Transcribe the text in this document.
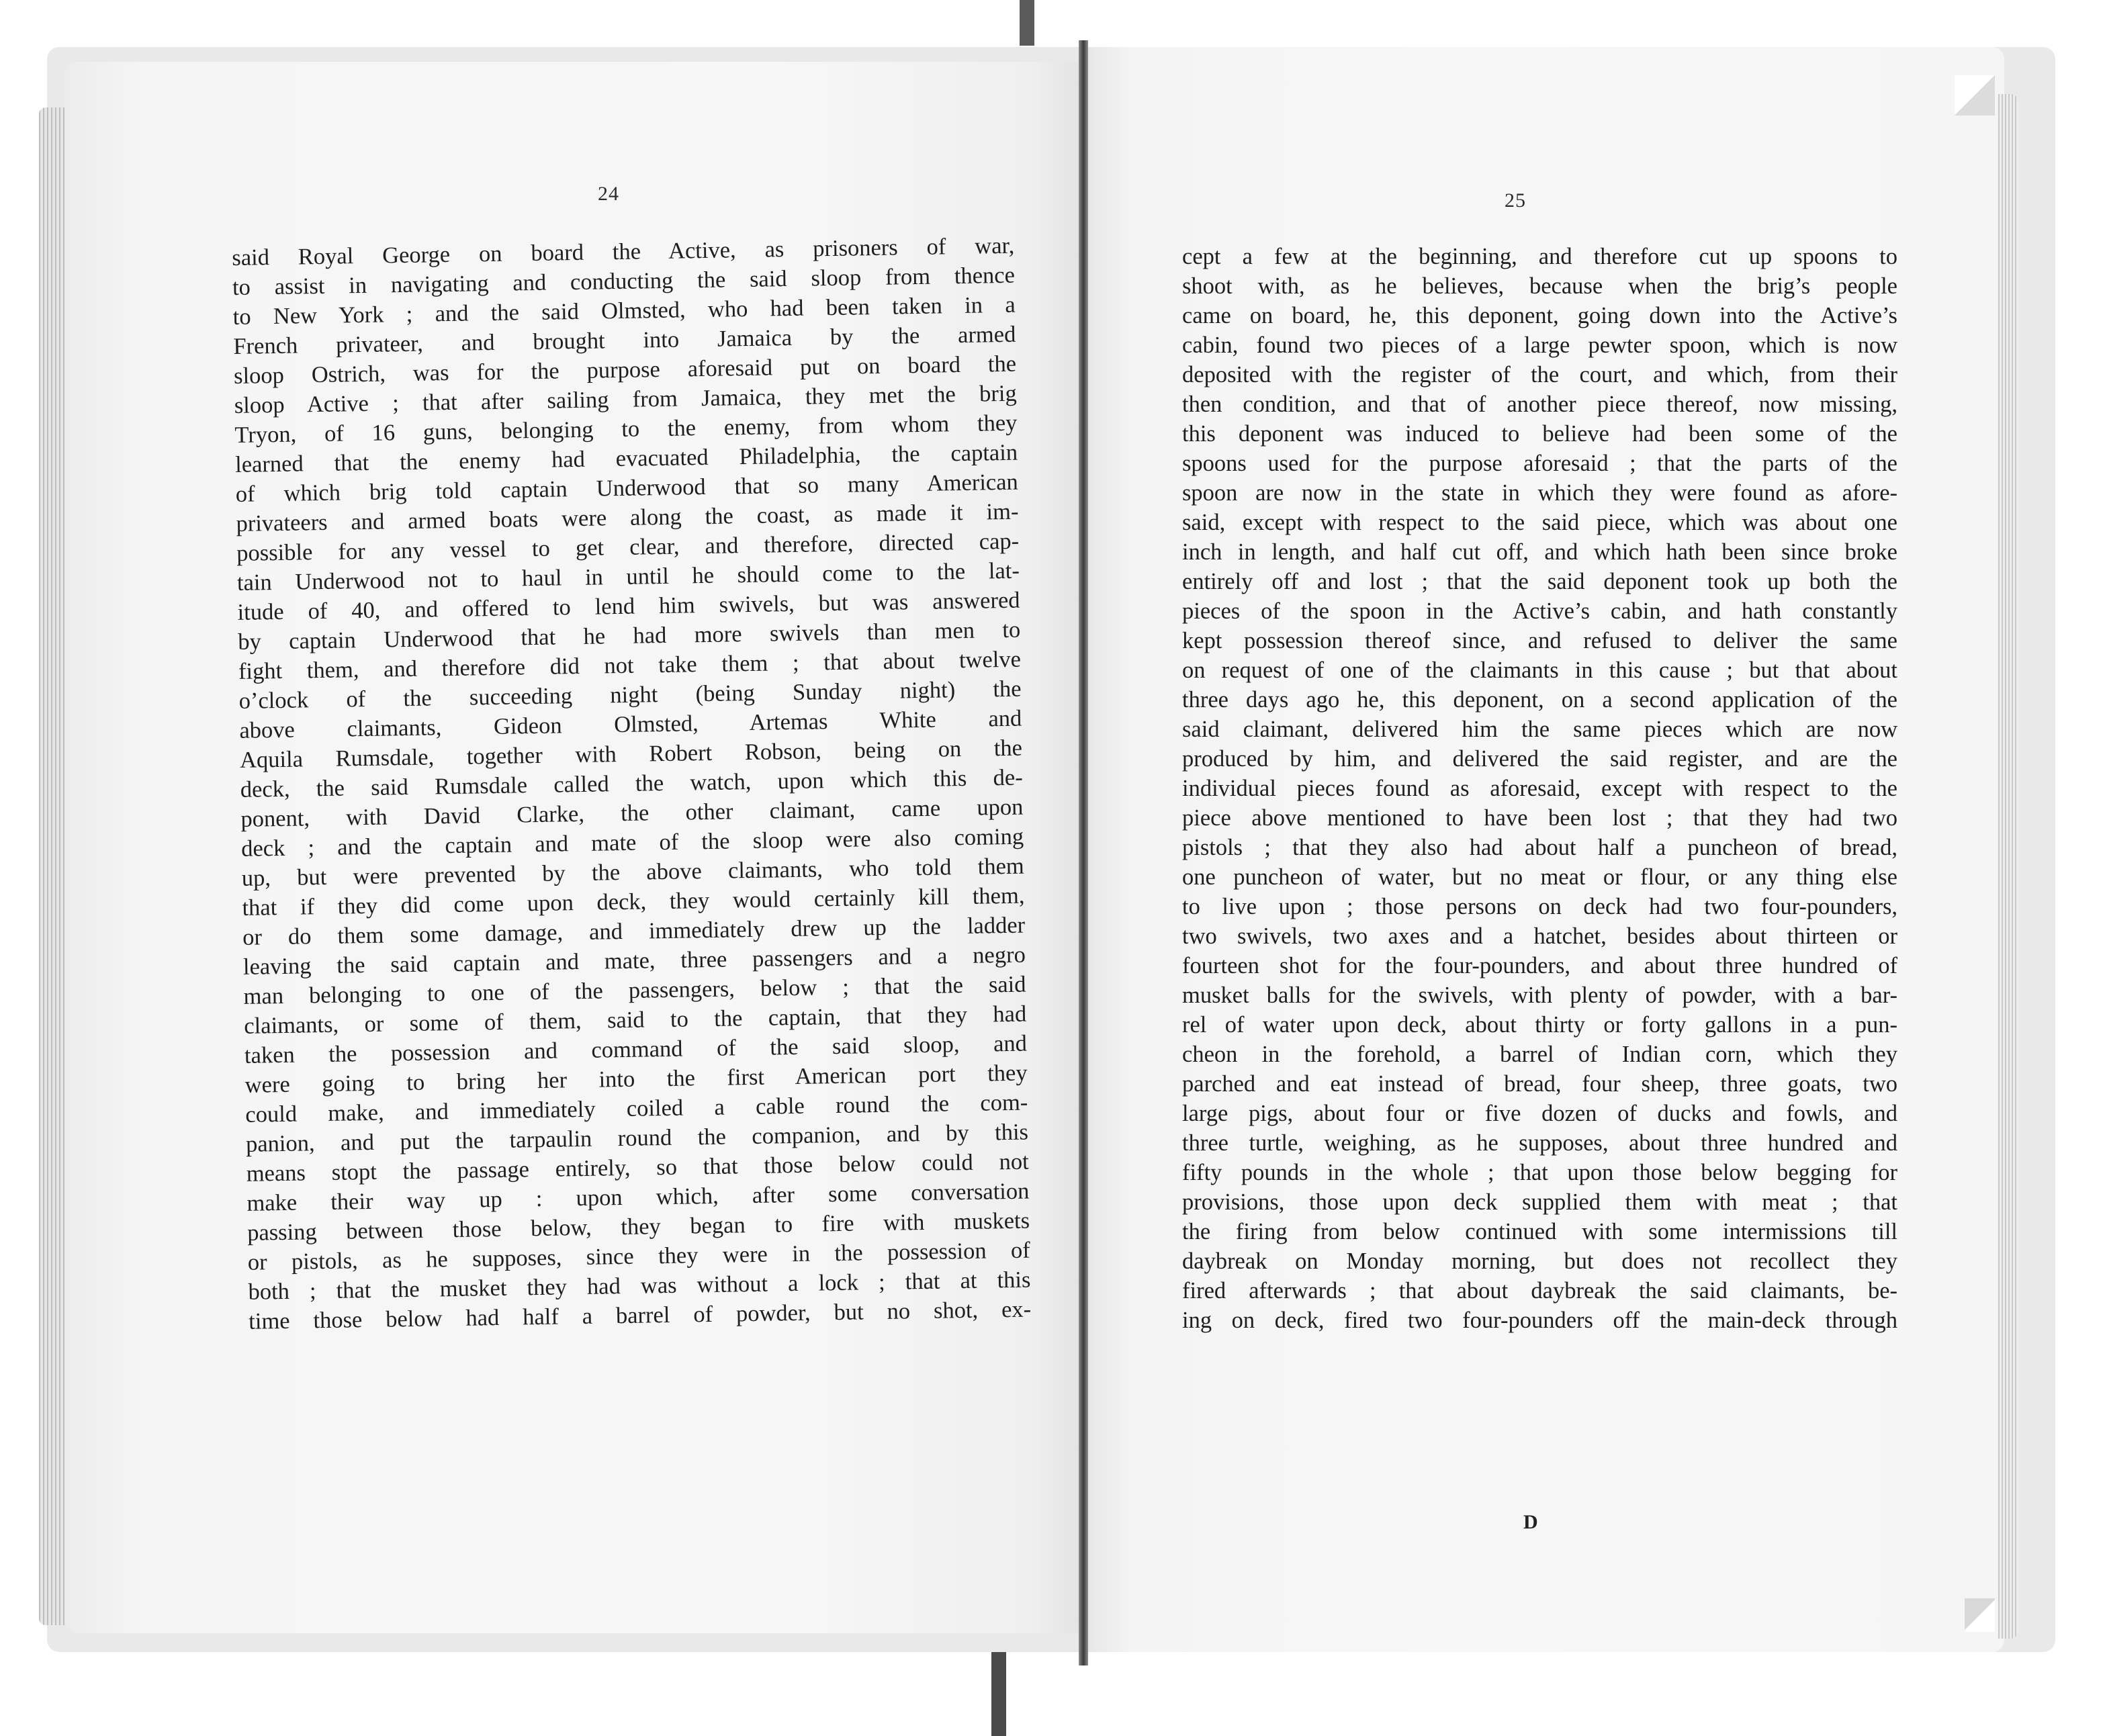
24	25
said Royal George on board the Active, as prisoners of war,
to assist in navigating and conducting the said sloop from thence
to New York ; and the said Olmsted, who had been taken in a
French privateer, and brought into Jamaica by the armed
sloop Ostrich, was for the purpose aforesaid put on board the
sloop Active ; that after sailing from Jamaica, they met the brig
Tryon, of 16 guns, belonging to the enemy, from whom they
learned that the enemy had evacuated Philadelphia, the captain
of which brig told captain Underwood that so many American
privateers and armed boats were along the coast, as made it im-
possible for any vessel to get clear, and therefore, directed cap-
tain Underwood not to haul in until he should come to the lat-
itude of 40, and offered to lend him swivels, but was answered
by captain Underwood that he had more swivels than men to
fight them, and therefore did not take them ; that about twelve
o’clock of the succeeding night (being Sunday night) the
above claimants, Gideon Olmsted, Artemas White and
Aquila Rumsdale, together with Robert Robson, being on the
deck, the said Rumsdale called the watch, upon which this de-
ponent, with David Clarke, the other claimant, came upon
deck ; and the captain and mate of the sloop were also coming
up, but were prevented by the above claimants, who told them
that if they did come upon deck, they would certainly kill them,
or do them some damage, and immediately drew up the ladder
leaving the said captain and mate, three passengers and a negro
man belonging to one of the passengers, below ; that the said
claimants, or some of them, said to the captain, that they had
taken the possession and command of the said sloop, and
were going to bring her into the first American port they
could make, and immediately coiled a cable round the com-
panion, and put the tarpaulin round the companion, and by this
means stopt the passage entirely, so that those below could not
make their way up : upon which, after some conversation
passing between those below, they began to fire with muskets
or pistols, as he supposes, since they were in the possession of
both ; that the musket they had was without a lock ; that at this
time those below had half a barrel of powder, but no shot, ex-
cept a few at the beginning, and therefore cut up spoons to
shoot with, as he believes, because when the brig’s people
came on board, he, this deponent, going down into the Active’s
cabin, found two pieces of a large pewter spoon, which is now
deposited with the register of the court, and which, from their
then condition, and that of another piece thereof, now missing,
this deponent was induced to believe had been some of the
spoons used for the purpose aforesaid ; that the parts of the
spoon are now in the state in which they were found as afore-
said, except with respect to the said piece, which was about one
inch in length, and half cut off, and which hath been since broke
entirely off and lost ; that the said deponent took up both the
pieces of the spoon in the Active’s cabin, and hath constantly
kept possession thereof since, and refused to deliver the same
on request of one of the claimants in this cause ; but that about
three days ago he, this deponent, on a second application of the
said claimant, delivered him the same pieces which are now
produced by him, and delivered the said register, and are the
individual pieces found as aforesaid, except with respect to the
piece above mentioned to have been lost ; that they had two
pistols ; that they also had about half a puncheon of bread,
one puncheon of water, but no meat or flour, or any thing else
to live upon ; those persons on deck had two four-pounders,
two swivels, two axes and a hatchet, besides about thirteen or
fourteen shot for the four-pounders, and about three hundred of
musket balls for the swivels, with plenty of powder, with a bar-
rel of water upon deck, about thirty or forty gallons in a pun-
cheon in the forehold, a barrel of Indian corn, which they
parched and eat instead of bread, four sheep, three goats, two
large pigs, about four or five dozen of ducks and fowls, and
three turtle, weighing, as he supposes, about three hundred and
fifty pounds in the whole ; that upon those below begging for
provisions, those upon deck supplied them with meat ; that
the firing from below continued with some intermissions till
daybreak on Monday morning, but does not recollect they
fired afterwards ; that about daybreak the said claimants, be-
ing on deck, fired two four-pounders off the main-deck through
D
